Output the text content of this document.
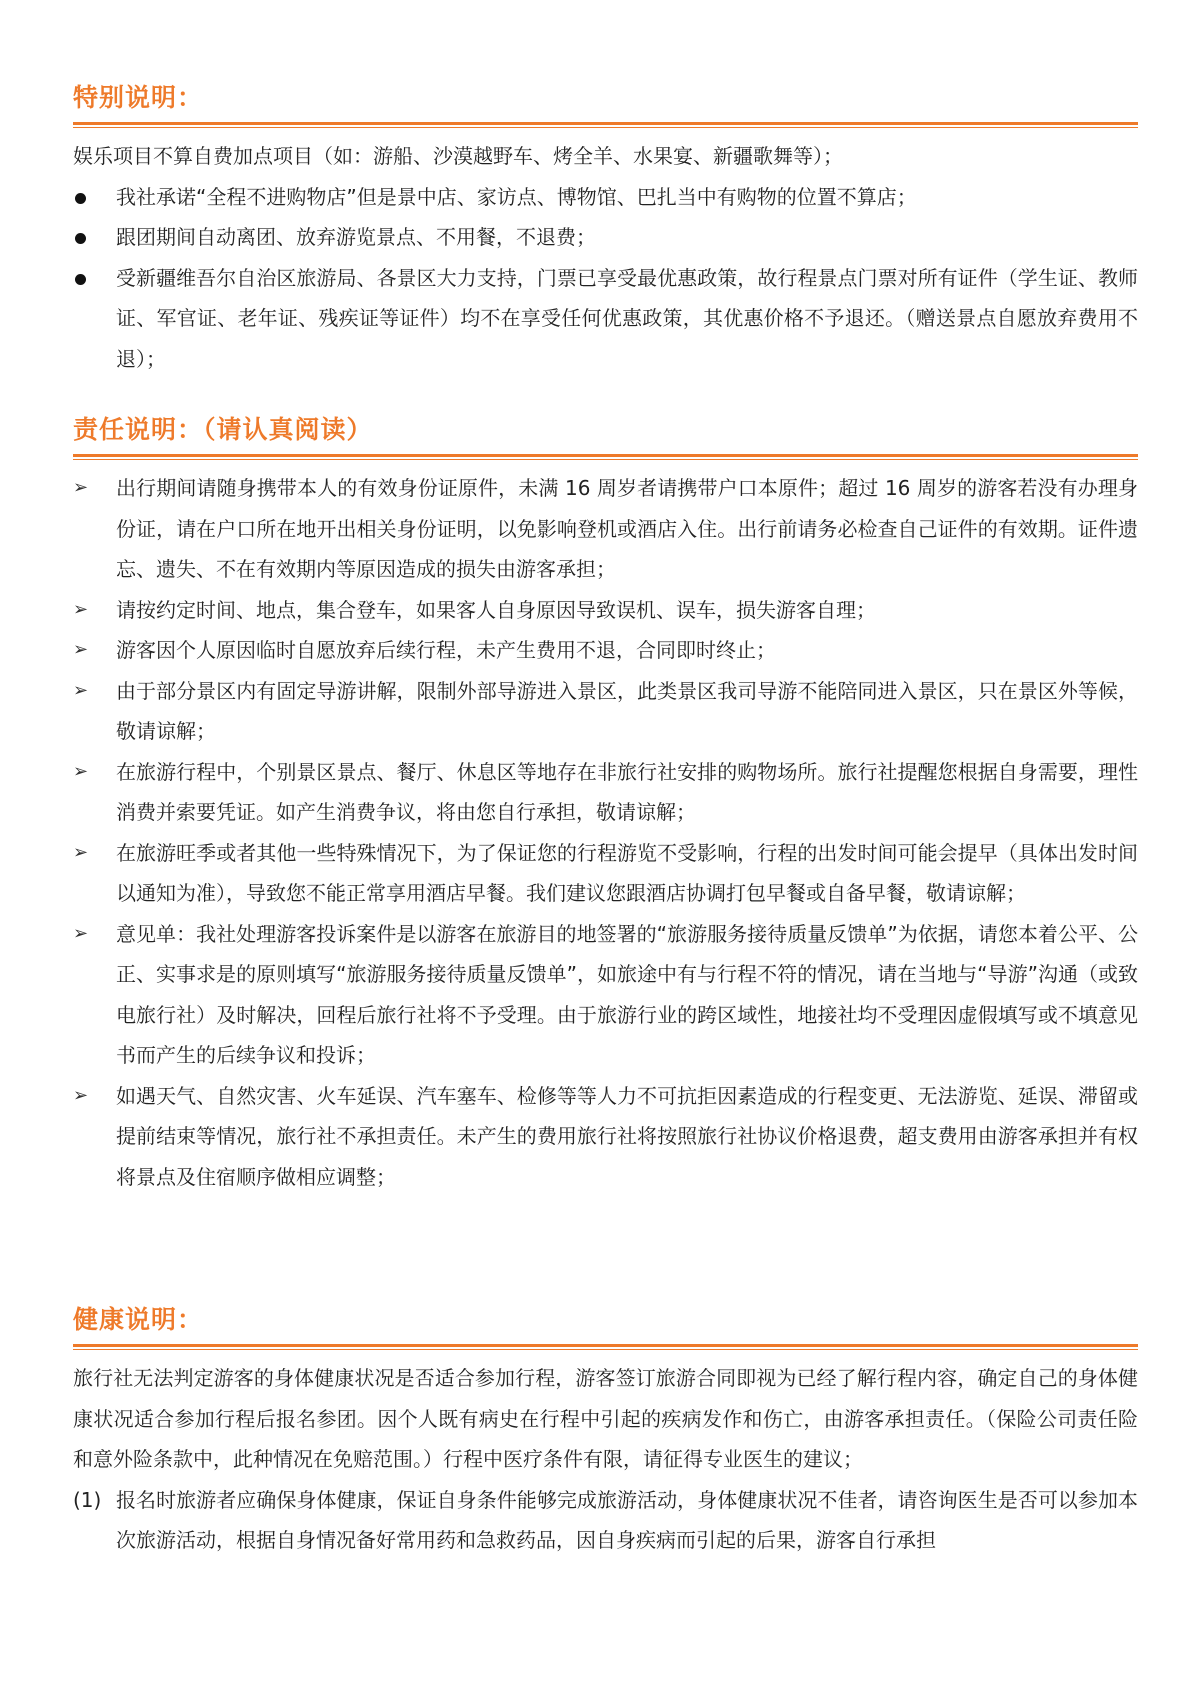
特别说明：

娱乐项目不算自费加点项目（如：游船、沙漠越野车、烤全羊、水果宴、新疆歌舞等）；

我社承诺“全程不进购物店”但是景中店、家访点、博物馆、巴扎当中有购物的位置不算店；
跟团期间自动离团、放弃游览景点、不用餐，不退费；
受新疆维吾尔自治区旅游局、各景区大力支持，门票已享受最优惠政策，故行程景点门票对所有证件（学生证、教师证、军官证、老年证、残疾证等证件）均不在享受任何优惠政策，其优惠价格不予退还。（赠送景点自愿放弃费用不退）；
责任说明：（请认真阅读）
➢	出行期间请随身携带本人的有效身份证原件，未满 16 周岁者请携带户口本原件；超过 16 周岁的游客若没有办理身份证，请在户口所在地开出相关身份证明，以免影响登机或酒店入住。出行前请务必检查自己证件的有效期。证件遗忘、遗失、不在有效期内等原因造成的损失由游客承担；
➢	请按约定时间、地点，集合登车，如果客人自身原因导致误机、误车，损失游客自理；
➢	游客因个人原因临时自愿放弃后续行程，未产生费用不退，合同即时终止；
➢	由于部分景区内有固定导游讲解，限制外部导游进入景区，此类景区我司导游不能陪同进入景区，只在景区外等候，敬请谅解；
➢	在旅游行程中，个别景区景点、餐厅、休息区等地存在非旅行社安排的购物场所。旅行社提醒您根据自身需要，理性消费并索要凭证。如产生消费争议，将由您自行承担，敬请谅解；
➢	在旅游旺季或者其他一些特殊情况下，为了保证您的行程游览不受影响，行程的出发时间可能会提早（具体出发时间以通知为准），导致您不能正常享用酒店早餐。我们建议您跟酒店协调打包早餐或自备早餐，敬请谅解；
➢	意见单：我社处理游客投诉案件是以游客在旅游目的地签署的“旅游服务接待质量反馈单”为依据，请您本着公平、公正、实事求是的原则填写“旅游服务接待质量反馈单”，如旅途中有与行程不符的情况，请在当地与“导游”沟通（或致电旅行社）及时解决，回程后旅行社将不予受理。由于旅游行业的跨区域性，地接社均不受理因虚假填写或不填意见书而产生的后续争议和投诉；
➢	如遇天气、自然灾害、火车延误、汽车塞车、检修等等人力不可抗拒因素造成的行程变更、无法游览、延误、滞留或提前结束等情况，旅行社不承担责任。未产生的费用旅行社将按照旅行社协议价格退费，超支费用由游客承担并有权将景点及住宿顺序做相应调整；
健康说明：

旅行社无法判定游客的身体健康状况是否适合参加行程，游客签订旅游合同即视为已经了解行程内容，确定自己的身体健康状况适合参加行程后报名参团。因个人既有病史在行程中引起的疾病发作和伤亡，由游客承担责任。（保险公司责任险和意外险条款中，此种情况在免赔范围。）行程中医疗条件有限，请征得专业医生的建议；

(1) 报名时旅游者应确保身体健康，保证自身条件能够完成旅游活动，身体健康状况不佳者，请咨询医生是否可以参加本次旅游活动，根据自身情况备好常用药和急救药品，因自身疾病而引起的后果，游客自行承担
